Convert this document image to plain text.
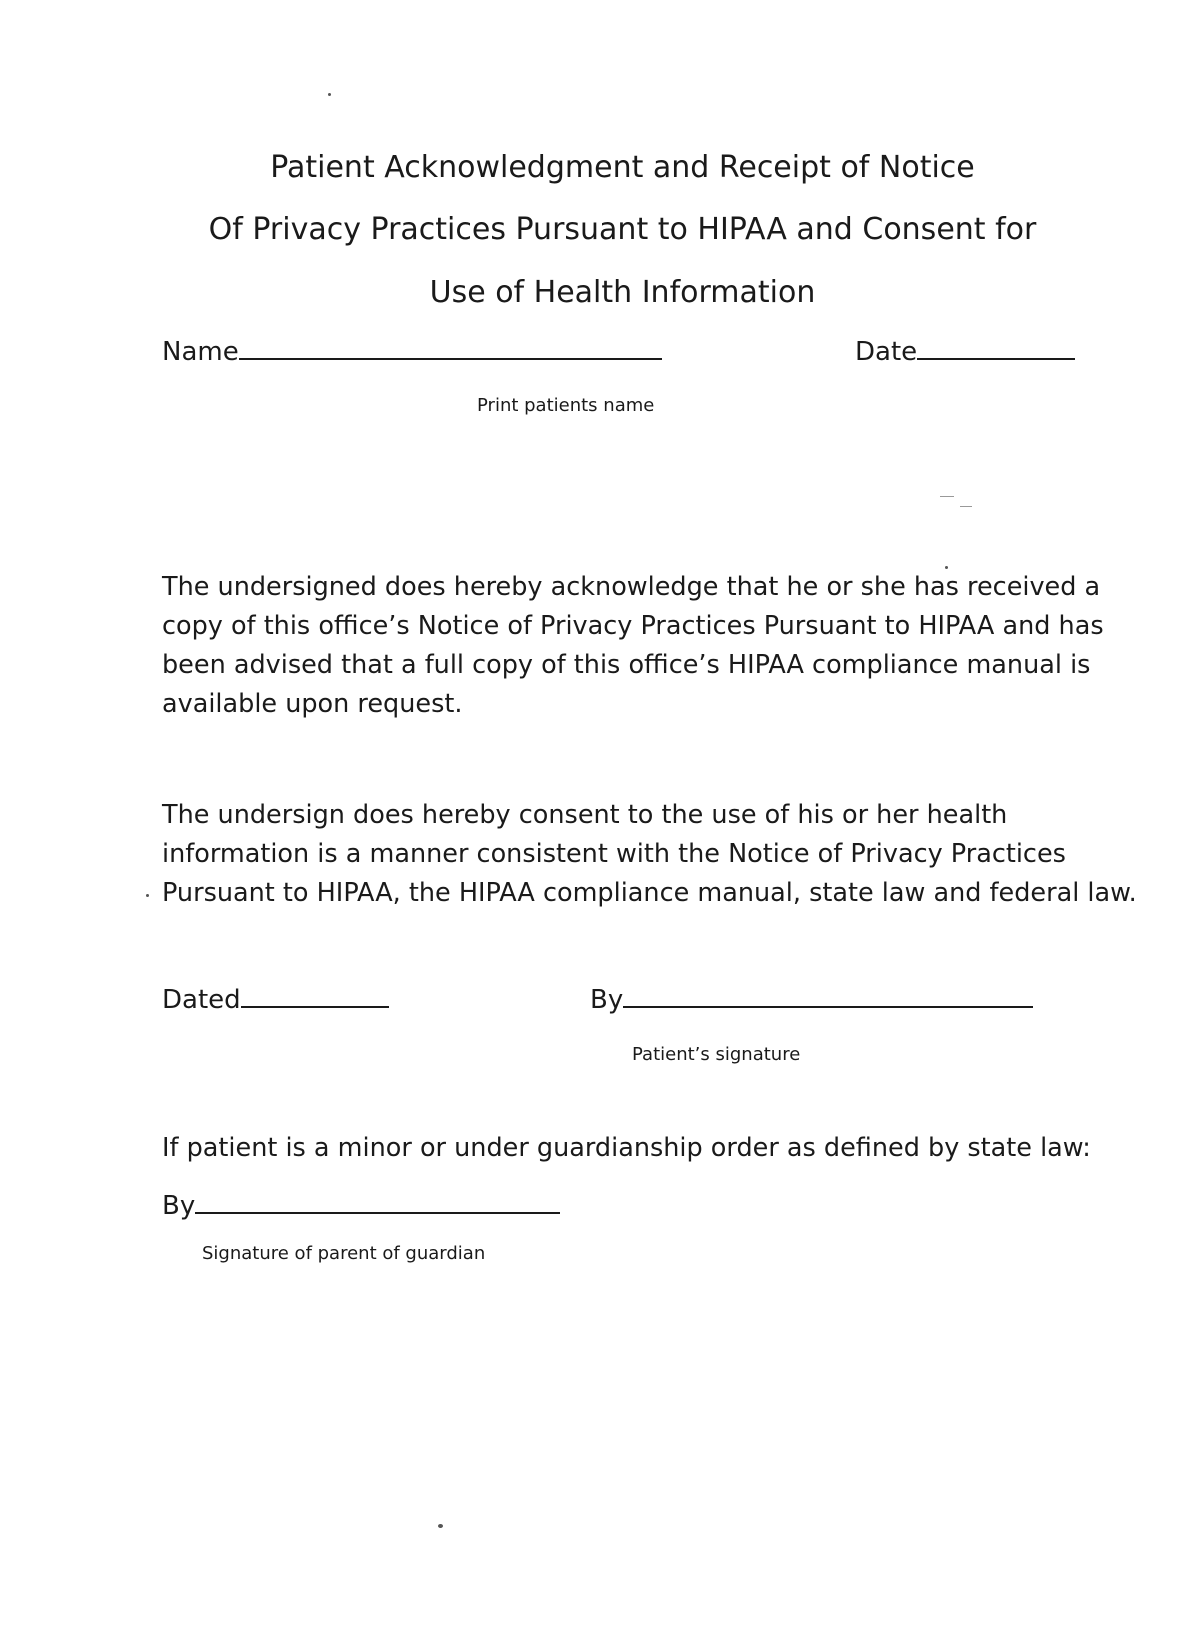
Patient Acknowledgment and Receipt of Notice
Of Privacy Practices Pursuant to HIPAA and Consent for
Use of Health Information
Name	Date
Print patients name
The undersigned does hereby acknowledge that he or she has received a
copy of this office’s Notice of Privacy Practices Pursuant to HIPAA and has
been advised that a full copy of this office’s HIPAA compliance manual is
available upon request.
The undersign does hereby consent to the use of his or her health
information is a manner consistent with the Notice of Privacy Practices
Pursuant to HIPAA, the HIPAA compliance manual, state law and federal law.
Dated	By
Patient’s signature
If patient is a minor or under guardianship order as defined by state law:
By
Signature of parent of guardian
